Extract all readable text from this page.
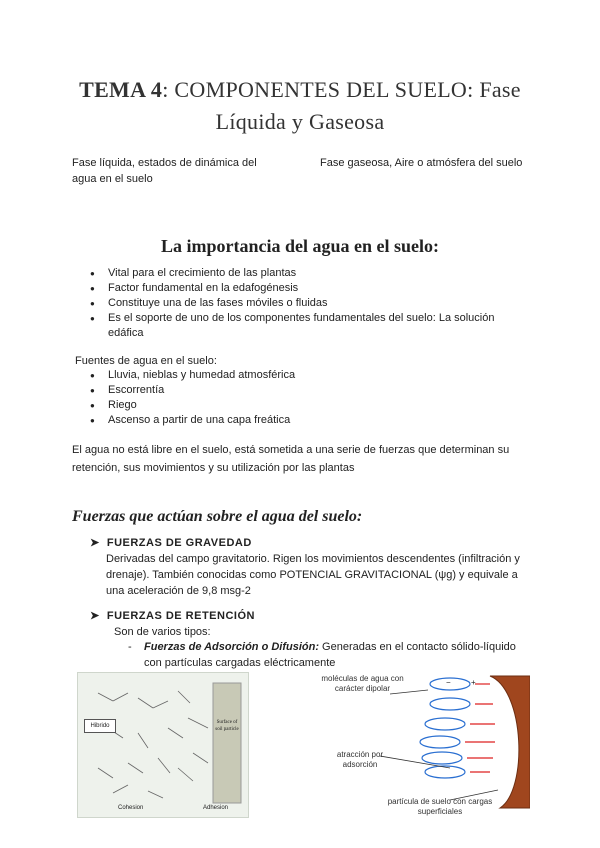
TEMA 4: COMPONENTES DEL SUELO: Fase
Líquida y Gaseosa
Fase líquida, estados de dinámica del agua en el suelo
Fase gaseosa, Aire o atmósfera del suelo
La importancia del agua en el suelo:
● Vital para el crecimiento de las plantas
● Factor fundamental en la edafogénesis
● Constituye una de las fases móviles o fluidas
● Es el soporte de uno de los componentes fundamentales del suelo: La solución edáfica
Fuentes de agua en el suelo:
● Lluvia, nieblas y humedad atmosférica
● Escorrentía
● Riego
● Ascenso a partir de una capa freática
El agua no está libre en el suelo, está sometida a una serie de fuerzas que determinan su retención, sus movimientos y su utilización por las plantas
Fuerzas que actúan sobre el agua del suelo:
➤ FUERZAS DE GRAVEDAD
Derivadas del campo gravitatorio. Rigen los movimientos descendentes (infiltración y drenaje). También conocidas como POTENCIAL GRAVITACIONAL (ψg) y equivale a una aceleración de 9,8 msg-2
➤ FUERZAS DE RETENCIÓN
Son de varios tipos:
- Fuerzas de Adsorción o Difusión: Generadas en el contacto sólido-líquido con partículas cargadas eléctricamente
Hibrido
Surface of soil particle
Cohesion	Adhesion
−	+
moléculas de agua con carácter dipolar
atracción por adsorción
partícula de suelo con cargas superficiales
